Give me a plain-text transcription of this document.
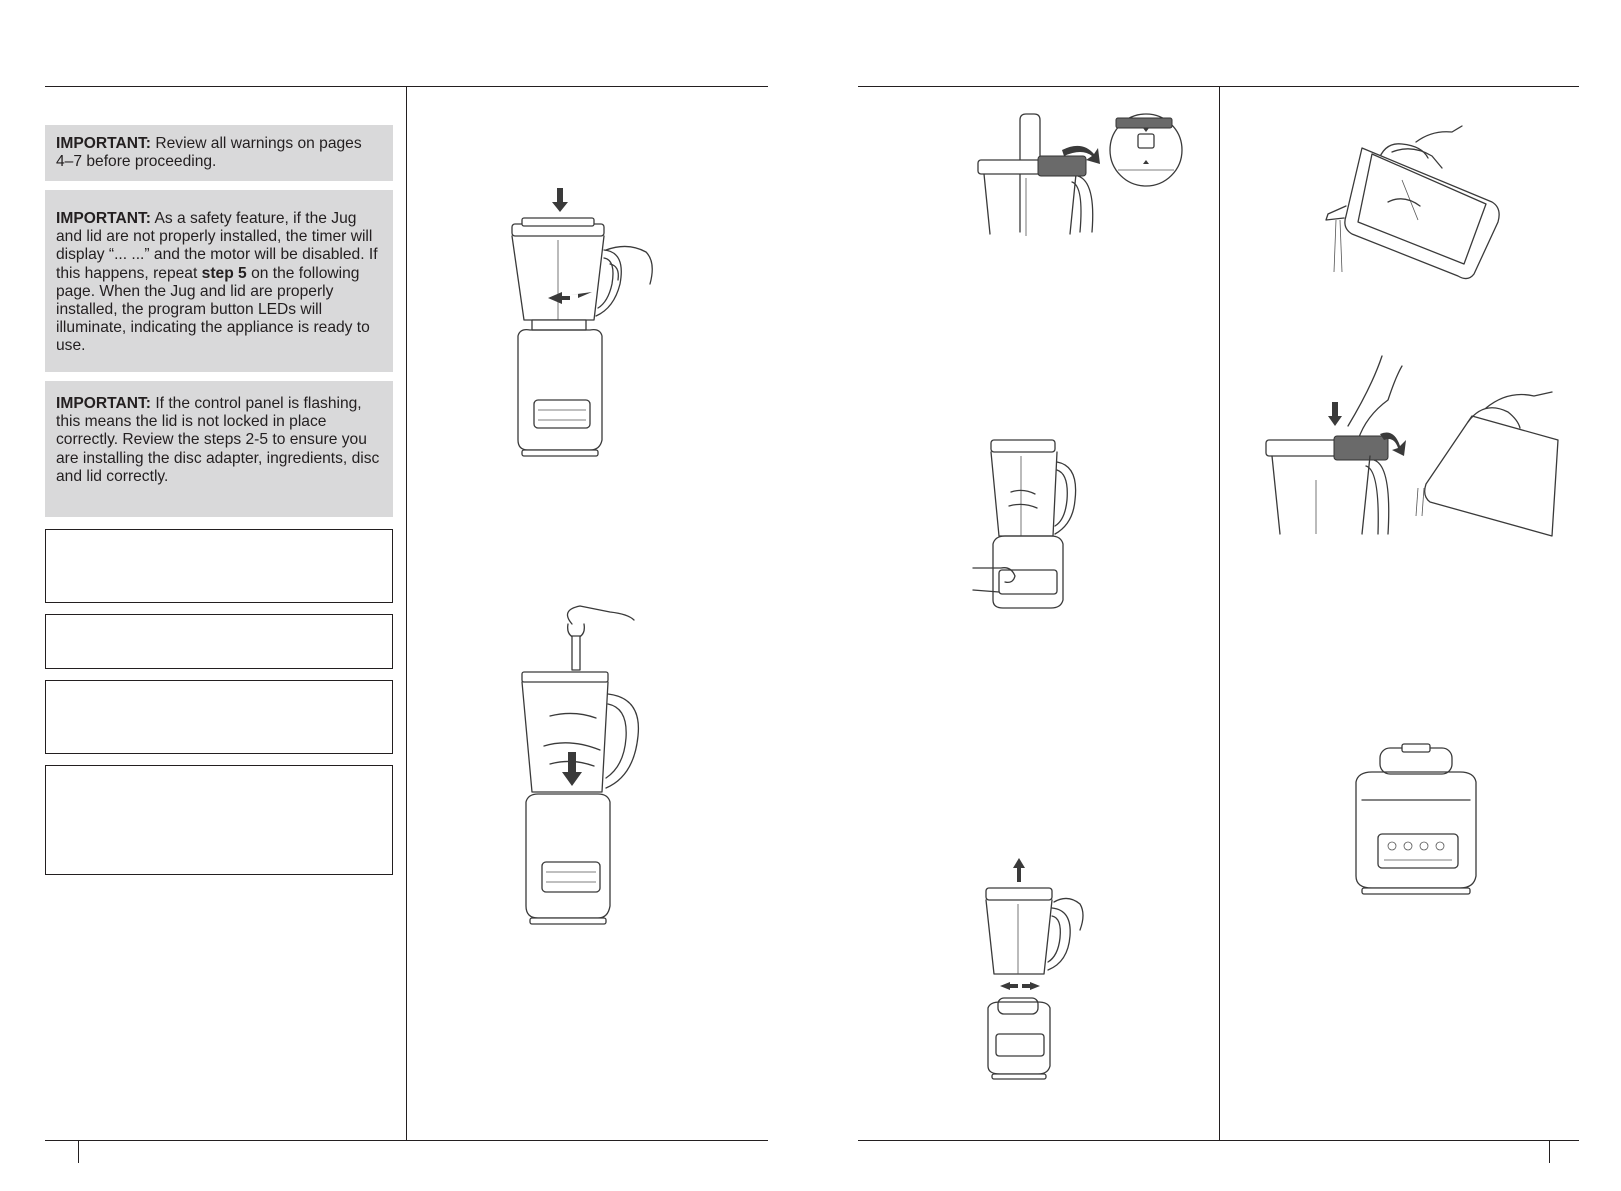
IMPORTANT: Review all warnings on pages 4–7 before proceeding.
IMPORTANT: As a safety feature, if the Jug and lid are not properly installed, the timer will display “... ...” and the motor will be disabled. If this happens, repeat step 5 on the following page. When the Jug and lid are properly installed, the program button LEDs will illuminate, indicating the appliance is ready to use.
IMPORTANT: If the control panel is flashing, this means the lid is not locked in place correctly. Review the steps 2-5 to ensure you are installing the disc adapter, ingredients, disc and lid correctly.
